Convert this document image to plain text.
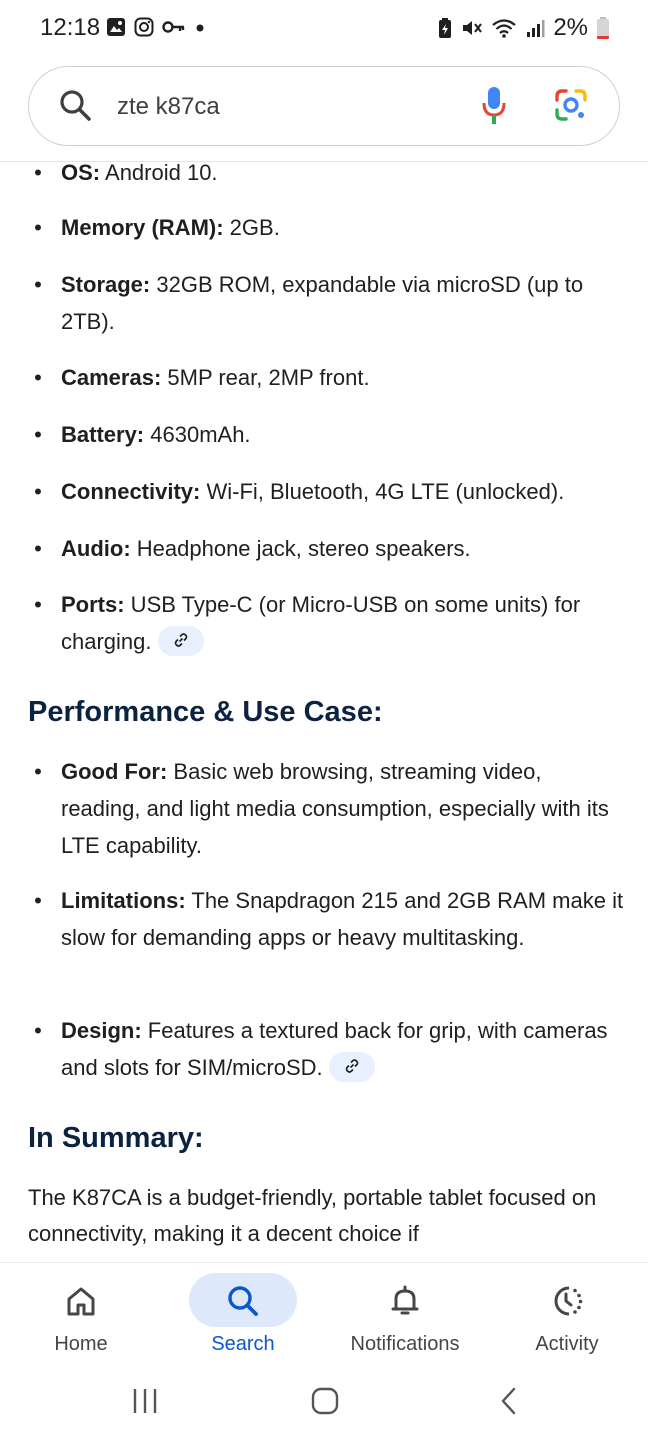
12:18	2%
zte k87ca
• OS: Android 10.
• Memory (RAM): 2GB.
• Storage: 32GB ROM, expandable via microSD (up to 2TB).
• Cameras: 5MP rear, 2MP front.
• Battery: 4630mAh.
• Connectivity: Wi-Fi, Bluetooth, 4G LTE (unlocked).
• Audio: Headphone jack, stereo speakers.
• Ports: USB Type-C (or Micro-USB on some units) for charging.
Performance & Use Case:
• Good For: Basic web browsing, streaming video, reading, and light media consumption, especially with its LTE capability.
• Limitations: The Snapdragon 215 and 2GB RAM make it slow for demanding apps or heavy multitasking.
• Design: Features a textured back for grip, with cameras and slots for SIM/microSD.
In Summary:
The K87CA is a budget-friendly, portable tablet focused on connectivity, making it a decent choice if
Home	Search	Notifications	Activity
